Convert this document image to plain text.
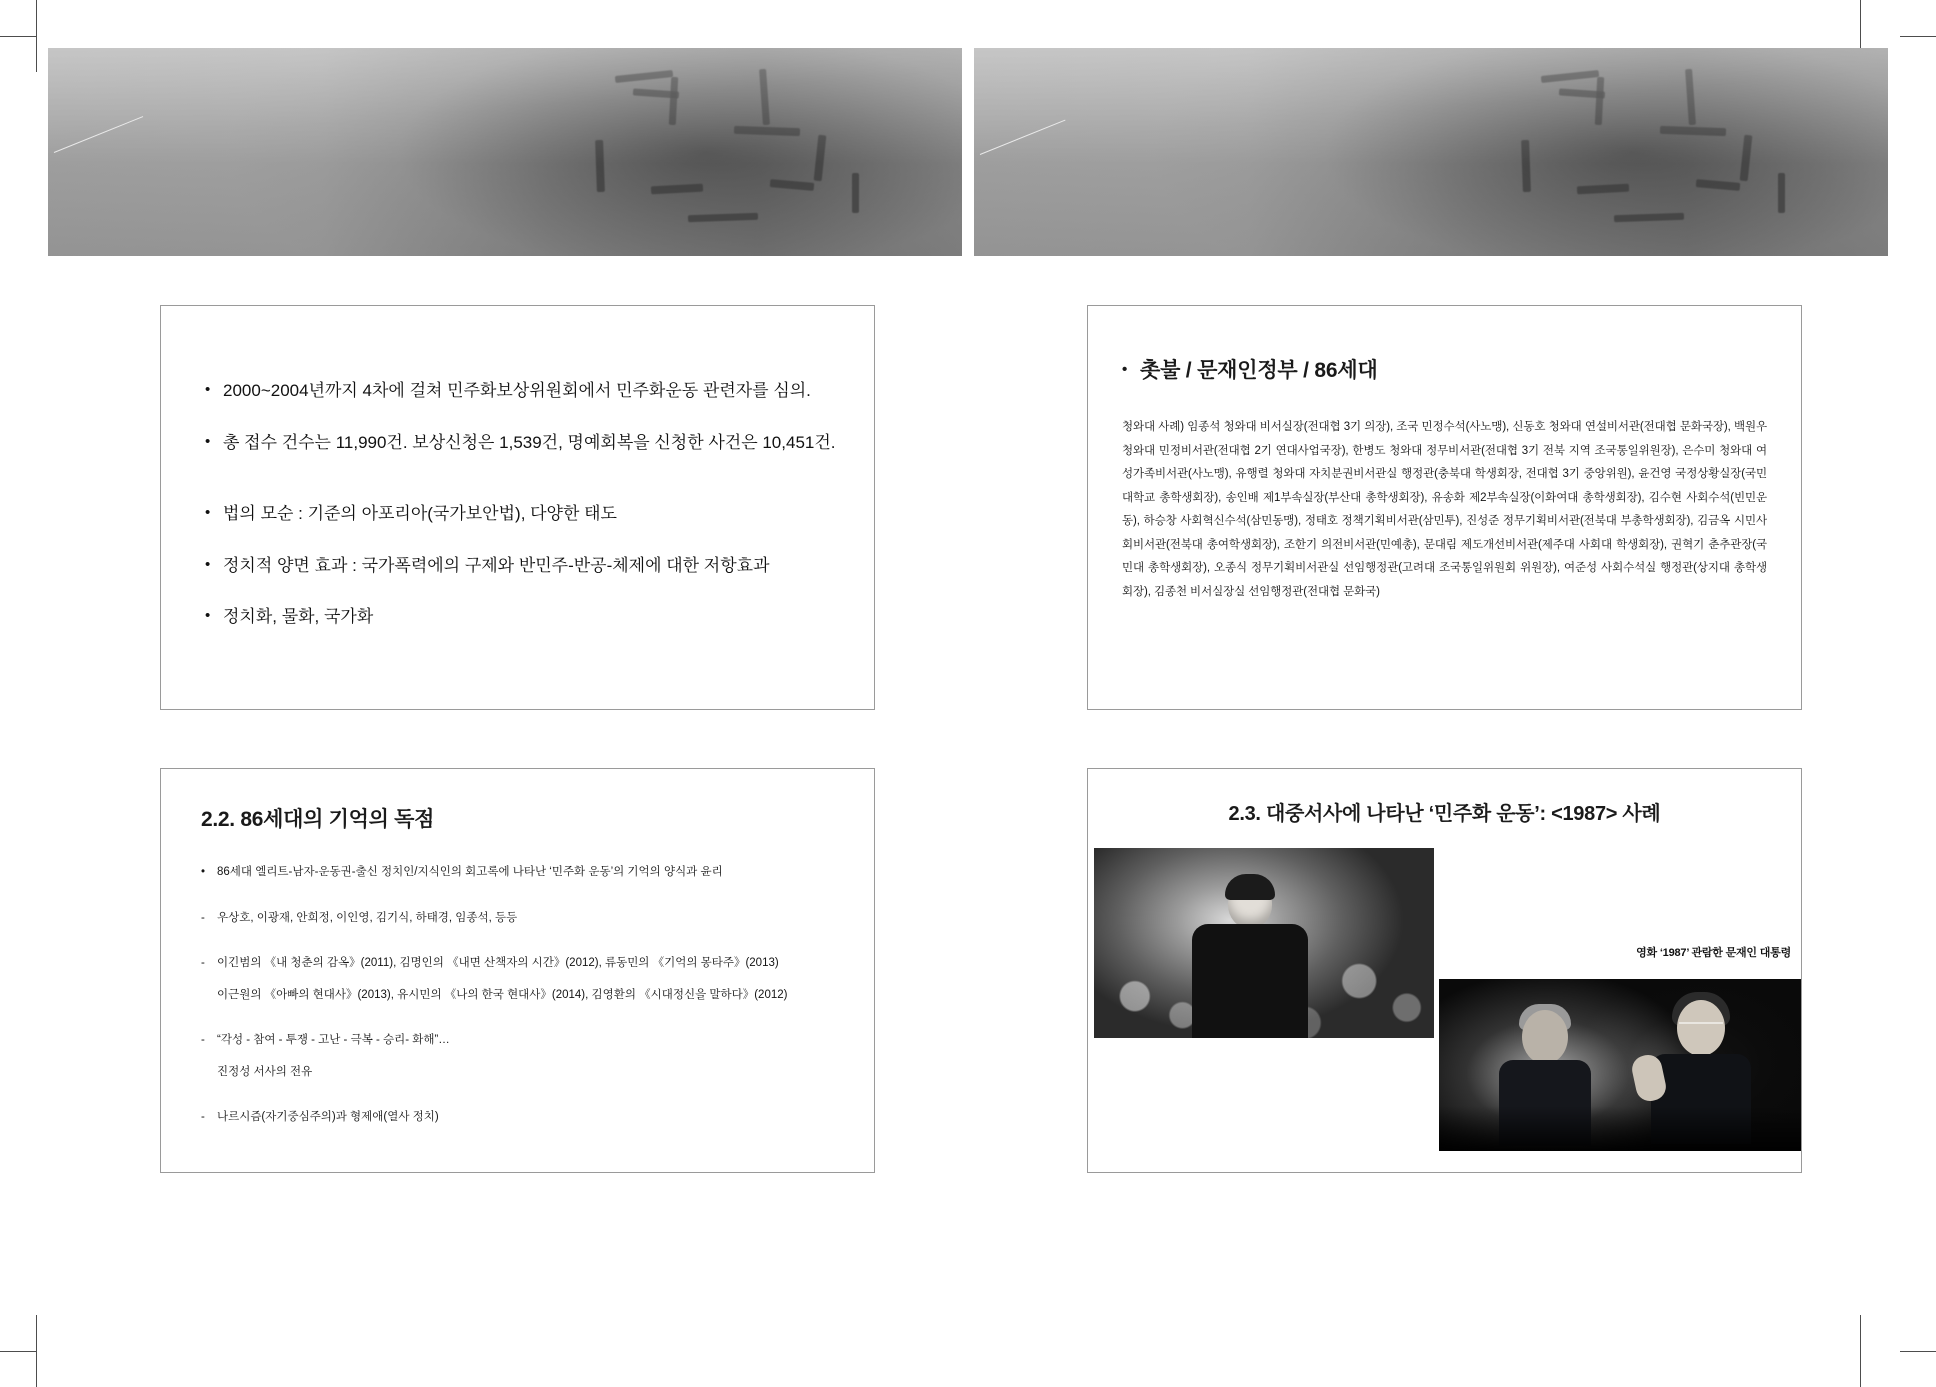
• 2000~2004년까지 4차에 걸쳐 민주화보상위원회에서 민주화운동 관련자를 심의.
• 총 접수 건수는 11,990건. 보상신청은 1,539건, 명예회복을 신청한 사건은 10,451건.
• 법의 모순 : 기준의 아포리아(국가보안법), 다양한 태도
• 정치적 양면 효과 : 국가폭력에의 구제와 반민주-반공-체제에 대한 저항효과
• 정치화, 물화, 국가화
• 촛불 / 문재인정부 / 86세대
청와대 사례) 임종석 청와대 비서실장(전대협 3기 의장), 조국 민정수석(사노맹), 신동호 청와대 연설비서관(전대협 문화국장), 백원우 청와대 민정비서관(전대협 2기 연대사업국장), 한병도 청와대 정무비서관(전대협 3기 전북 지역 조국통일위원장), 은수미 청와대 여성가족비서관(사노맹), 유행렬 청와대 자치분권비서관실 행정관(충북대 학생회장, 전대협 3기 중앙위원), 윤건영 국정상황실장(국민대학교 총학생회장), 송인배 제1부속실장(부산대 총학생회장), 유송화 제2부속실장(이화여대 총학생회장), 김수현 사회수석(빈민운동), 하승창 사회혁신수석(삼민동맹), 정태호 정책기획비서관(삼민투), 진성준 정무기획비서관(전북대 부총학생회장), 김금옥 시민사회비서관(전북대 총여학생회장), 조한기 의전비서관(민예총), 문대림 제도개선비서관(제주대 사회대 학생회장), 권혁기 춘추관장(국민대 총학생회장), 오종식 정무기획비서관실 선임행정관(고려대 조국통일위원회 위원장), 여준성 사회수석실 행정관(상지대 총학생회장), 김종천 비서실장실 선임행정관(전대협 문화국)
2.2. 86세대의 기억의 독점
•	86세대 엘리트-남자-운동권-출신 정치인/지식인의 회고록에 나타난 ‘민주화 운동’의 기억의 양식과 윤리
-	우상호, 이광재, 안희정, 이인영, 김기식, 하태경, 임종석, 등등
-	이긴범의 《내 청춘의 감옥》(2011), 김명인의 《내면 산책자의 시간》(2012), 류동민의 《기억의 몽타주》(2013)
이근원의 《아빠의 현대사》(2013), 유시민의 《나의 한국 현대사》(2014), 김영환의 《시대정신을 말하다》(2012)
-	“각성 - 참여 - 투쟁 - 고난 - 극복 - 승리- 화해”…
진정성 서사의 전유
-	나르시즘(자기중심주의)과 형제애(열사 정치)
2.3. 대중서사에 나타난 ‘민주화 운동’: <1987> 사례
영화 ‘1987’ 관람한 문재인 대통령
